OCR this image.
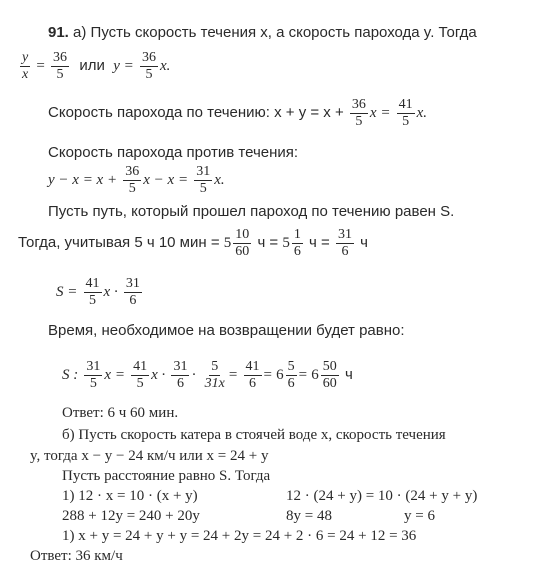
91. а) Пусть скорость течения x, а скорость парохода y. Тогда
$\frac{y}{x} = \frac{36}{5}$ или $y = \frac{36}{5} x$.
Скорость парохода по течению: $x + y = x + \frac{36}{5}$ $x = \frac{41}{5} x$.
Скорость парохода против течения:
$y - x = x + \frac{36}{5}$ $x - x = \frac{31}{5} x$.
Пусть путь, который прошел пароход по течению равен S.
Тогда, учитывая 5 ч 10 мин = $5 \frac{10}{60}$ $ч = 5 \frac{1}{6}$ $ч = \frac{31}{6}$ ч
$S = \frac{41}{5}$ $x \cdot \frac{31}{6}$
Время, необходимое на возвращении будет равно:
S : $\frac{31}{5}$ $x = \frac{41}{5}$ $x \cdot \frac{31}{6} \cdot \frac{5}{31x} = \frac{41}{6} = 6 \frac{5}{6} = 6 \frac{50}{60}$ ч
Ответ: 6 ч 60 мин.
б) Пусть скорость катера в стоячей воде x, скорость течения
y, тогда x − y − 24 км/ч или x = 24 + y
Пусть расстояние равно S. Тогда
1) 12 · x = 10 · (x + y)	12 · (24 + y) = 10 · (24 + y + y)
288 + 12y = 240 + 20y	8y = 48	y = 6
1) x + y = 24 + y + y = 24 + 2y = 24 + 2 · 6 = 24 + 12 = 36
Ответ: 36 км/ч
